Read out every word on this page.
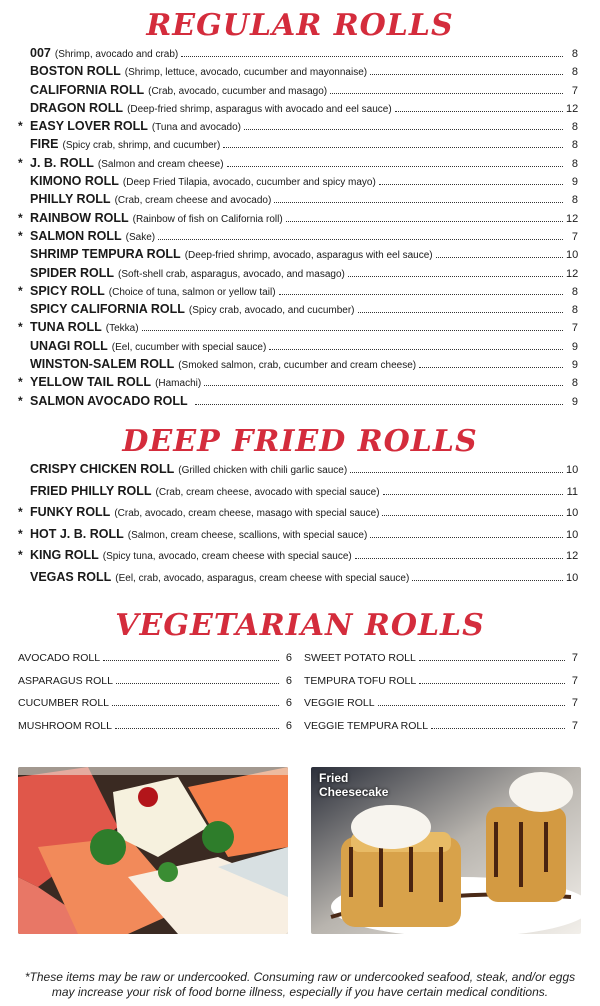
REGULAR ROLLS
007 (Shrimp, avocado and crab)	8
BOSTON ROLL (Shrimp, lettuce, avocado, cucumber and mayonnaise)	8
CALIFORNIA ROLL (Crab, avocado, cucumber and masago)	7
DRAGON ROLL (Deep-fried shrimp, asparagus with avocado and eel sauce)	12
* EASY LOVER ROLL (Tuna and avocado)	8
FIRE (Spicy crab, shrimp, and cucumber)	8
* J. B. ROLL (Salmon and cream cheese)	8
KIMONO ROLL (Deep Fried Tilapia, avocado, cucumber and spicy mayo)	9
PHILLY ROLL (Crab, cream cheese and avocado)	8
* RAINBOW ROLL (Rainbow of fish on California roll)	12
* SALMON ROLL (Sake)	7
SHRIMP TEMPURA ROLL (Deep-fried shrimp, avocado, asparagus with eel sauce)	10
SPIDER ROLL (Soft-shell crab, asparagus, avocado, and masago)	12
* SPICY ROLL (Choice of tuna, salmon or yellow tail)	8
SPICY CALIFORNIA ROLL (Spicy crab, avocado, and cucumber)	8
* TUNA ROLL (Tekka)	7
UNAGI ROLL (Eel, cucumber with special sauce)	9
WINSTON-SALEM ROLL (Smoked salmon, crab, cucumber and cream cheese)	9
* YELLOW TAIL ROLL (Hamachi)	8
* SALMON AVOCADO ROLL	9
DEEP FRIED ROLLS
CRISPY CHICKEN ROLL (Grilled chicken with chili garlic sauce)	10
FRIED PHILLY ROLL (Crab, cream cheese, avocado with special sauce)	11
* FUNKY ROLL (Crab, avocado, cream cheese, masago with special sauce)	10
* HOT J. B. ROLL (Salmon, cream cheese, scallions, with special sauce)	10
* KING ROLL (Spicy tuna, avocado, cream cheese with special sauce)	12
VEGAS ROLL (Eel, crab, avocado, asparagus, cream cheese with special sauce)	10
VEGETARIAN ROLLS
AVOCADO ROLL	6
ASPARAGUS ROLL	6
CUCUMBER ROLL	6
MUSHROOM ROLL	6
SWEET POTATO ROLL	7
TEMPURA TOFU ROLL	7
VEGGIE ROLL	7
VEGGIE TEMPURA ROLL	7
Fried
Cheesecake
*These items may be raw or undercooked. Consuming raw or undercooked seafood, steak, and/or eggs
may increase your risk of food borne illness, especially if you have certain medical conditions.
